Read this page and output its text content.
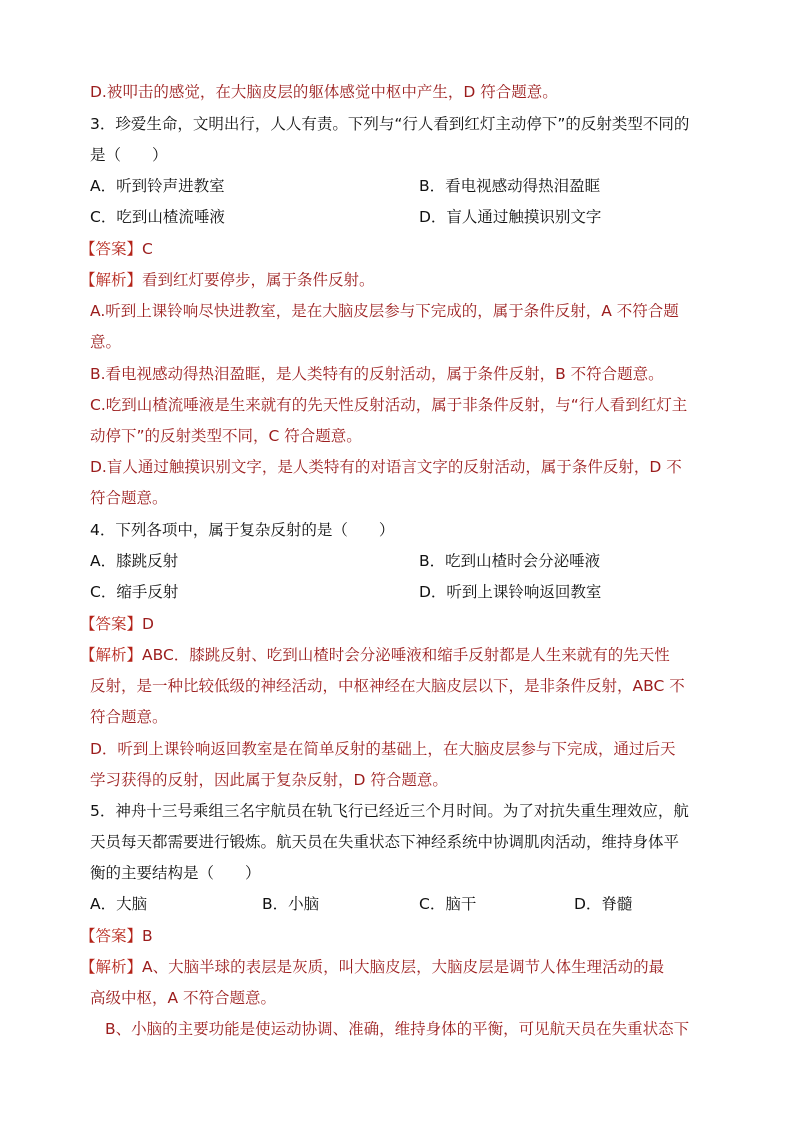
D.被叩击的感觉，在大脑皮层的躯体感觉中枢中产生，D 符合题意。
3．珍爱生命，文明出行，人人有责。下列与“行人看到红灯主动停下”的反射类型不同的
是（　　）
A．听到铃声进教室	B．看电视感动得热泪盈眶
C．吃到山楂流唾液	D．盲人通过触摸识别文字
【答案】C
【解析】看到红灯要停步，属于条件反射。
A.听到上课铃响尽快进教室，是在大脑皮层参与下完成的，属于条件反射，A 不符合题
意。
B.看电视感动得热泪盈眶，是人类特有的反射活动，属于条件反射，B 不符合题意。
C.吃到山楂流唾液是生来就有的先天性反射活动，属于非条件反射，与“行人看到红灯主
动停下”的反射类型不同，C 符合题意。
D.盲人通过触摸识别文字，是人类特有的对语言文字的反射活动，属于条件反射，D 不
符合题意。
4．下列各项中，属于复杂反射的是（　　）
A．膝跳反射	B．吃到山楂时会分泌唾液
C．缩手反射	D．听到上课铃响返回教室
【答案】D
【解析】ABC．膝跳反射、吃到山楂时会分泌唾液和缩手反射都是人生来就有的先天性
反射，是一种比较低级的神经活动，中枢神经在大脑皮层以下，是非条件反射，ABC 不
符合题意。
D．听到上课铃响返回教室是在简单反射的基础上，在大脑皮层参与下完成，通过后天
学习获得的反射，因此属于复杂反射，D 符合题意。
5．神舟十三号乘组三名宇航员在轨飞行已经近三个月时间。为了对抗失重生理效应，航
天员每天都需要进行锻炼。航天员在失重状态下神经系统中协调肌肉活动，维持身体平
衡的主要结构是（　　）
A．大脑	B．小脑	C．脑干	D．脊髓
【答案】B
【解析】A、大脑半球的表层是灰质，叫大脑皮层，大脑皮层是调节人体生理活动的最
高级中枢，A 不符合题意。
B、小脑的主要功能是使运动协调、准确，维持身体的平衡，可见航天员在失重状态下
